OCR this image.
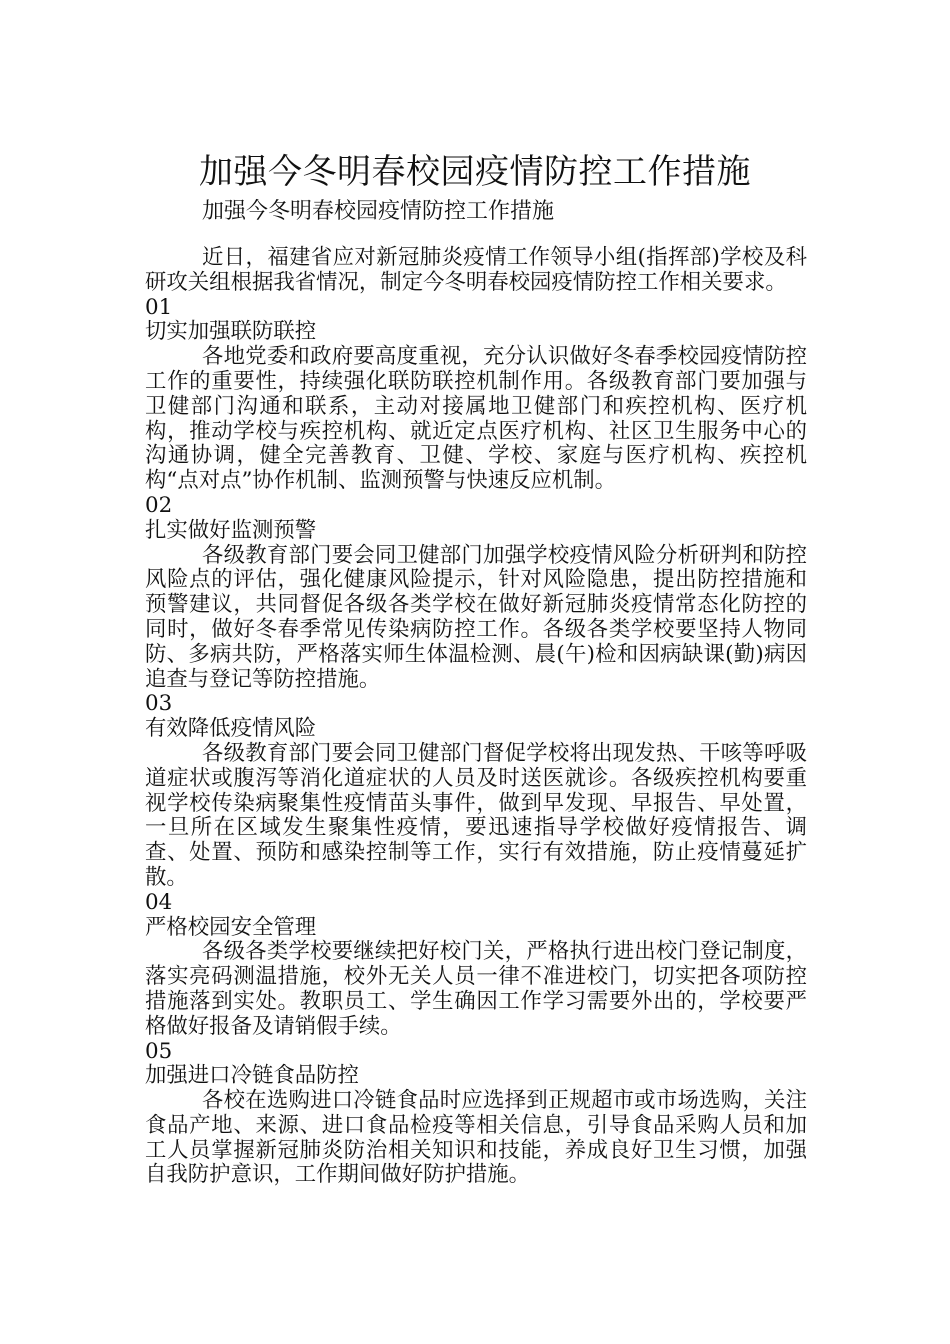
加强今冬明春校园疫情防控工作措施
加强今冬明春校园疫情防控工作措施

近日，福建省应对新冠肺炎疫情工作领导小组(指挥部)学校及科研攻关组根据我省情况，制定今冬明春校园疫情防控工作相关要求。

01

切实加强联防联控

各地党委和政府要高度重视，充分认识做好冬春季校园疫情防控工作的重要性，持续强化联防联控机制作用。各级教育部门要加强与卫健部门沟通和联系，主动对接属地卫健部门和疾控机构、医疗机构，推动学校与疾控机构、就近定点医疗机构、社区卫生服务中心的沟通协调，健全完善教育、卫健、学校、家庭与医疗机构、疾控机构“点对点”协作机制、监测预警与快速反应机制。

02

扎实做好监测预警

各级教育部门要会同卫健部门加强学校疫情风险分析研判和防控风险点的评估，强化健康风险提示，针对风险隐患，提出防控措施和预警建议，共同督促各级各类学校在做好新冠肺炎疫情常态化防控的同时，做好冬春季常见传染病防控工作。各级各类学校要坚持人物同防、多病共防，严格落实师生体温检测、晨(午)检和因病缺课(勤)病因追查与登记等防控措施。

03

有效降低疫情风险

各级教育部门要会同卫健部门督促学校将出现发热、干咳等呼吸道症状或腹泻等消化道症状的人员及时送医就诊。各级疾控机构要重视学校传染病聚集性疫情苗头事件，做到早发现、早报告、早处置，一旦所在区域发生聚集性疫情，要迅速指导学校做好疫情报告、调查、处置、预防和感染控制等工作，实行有效措施，防止疫情蔓延扩散。

04

严格校园安全管理

各级各类学校要继续把好校门关，严格执行进出校门登记制度，落实亮码测温措施，校外无关人员一律不准进校门，切实把各项防控措施落到实处。教职员工、学生确因工作学习需要外出的，学校要严格做好报备及请销假手续。

05

加强进口冷链食品防控

各校在选购进口冷链食品时应选择到正规超市或市场选购，关注食品产地、来源、进口食品检疫等相关信息，引导食品采购人员和加工人员掌握新冠肺炎防治相关知识和技能，养成良好卫生习惯，加强自我防护意识，工作期间做好防护措施。
